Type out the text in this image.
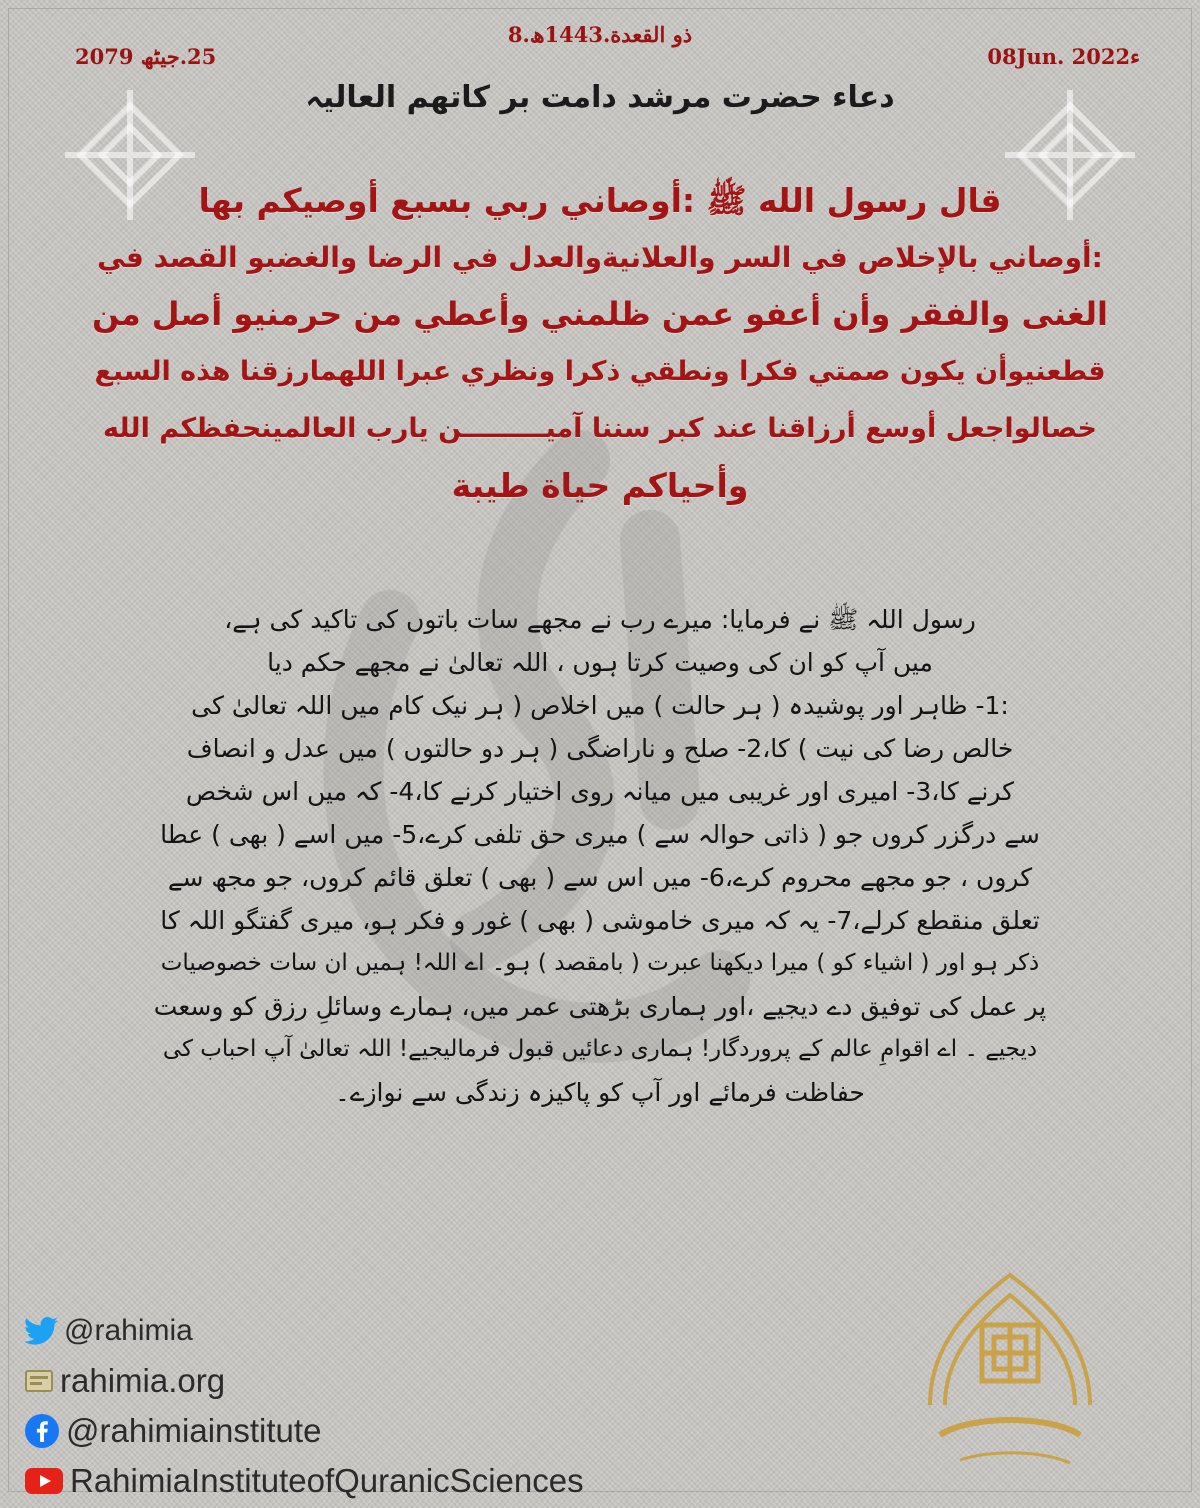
8.ذو القعدة.1443ھ
25.جیٹھ 2079	08Jun. 2022ء
دعاء حضرت مرشد دامت بر کاتھم العالیہ
قال رسول الله ﷺ :أوصاني ربي بسبع أوصيكم بها
:أوصاني بالإخلاص في السر والعلانيةوالعدل في الرضا والغضبو القصد في
الغنى والفقر وأن أعفو عمن ظلمني وأعطي من حرمنيو أصل من
قطعنيوأن يكون صمتي فكرا ونطقي ذكرا ونظري عبرا اللهمارزقنا هذه السبع
خصالواجعل أوسع أرزاقنا عند كبر سننا آميـــــــــن يارب العالمينحفظكم الله
وأحياكم حياة طيبة
رسول اللہ ﷺ نے فرمایا: میرے رب نے مجھے سات باتوں کی تاکید کی ہے،
میں آپ کو ان کی وصیت کرتا ہوں ، اللہ تعالیٰ نے مجھے حکم دیا
:1- ظاہر اور پوشیدہ ( ہر حالت ) میں اخلاص ( ہر نیک کام میں اللہ تعالیٰ کی
خالص رضا کی نیت ) کا،2- صلح و ناراضگی ( ہر دو حالتوں ) میں عدل و انصاف
کرنے کا،3- امیری اور غریبی میں میانہ روی اختیار کرنے کا،4- کہ میں اس شخص
سے درگزر کروں جو ( ذاتی حوالہ سے ) میری حق تلفی کرے،5- میں اسے ( بھی ) عطا
کروں ، جو مجھے محروم کرے،6- میں اس سے ( بھی ) تعلق قائم کروں، جو مجھ سے
تعلق منقطع کرلے،7- یہ کہ میری خاموشی ( بھی ) غور و فکر ہو، میری گفتگو اللہ کا
ذکر ہو اور ( اشیاء کو ) میرا دیکھنا عبرت ( بامقصد ) ہو۔ اے اللہ! ہمیں ان سات خصوصیات
پر عمل کی توفیق دے دیجیے ،اور ہماری بڑھتی عمر میں، ہمارے وسائلِ رزق کو وسعت
دیجیے ۔ اے اقوامِ عالم کے پروردگار! ہماری دعائیں قبول فرمالیجیے! اللہ تعالیٰ آپ احباب کی
حفاظت فرمائے اور آپ کو پاکیزہ زندگی سے نوازے۔
@rahimia
rahimia.org
@rahimiainstitute
RahimiaInstituteofQuranicSciences
